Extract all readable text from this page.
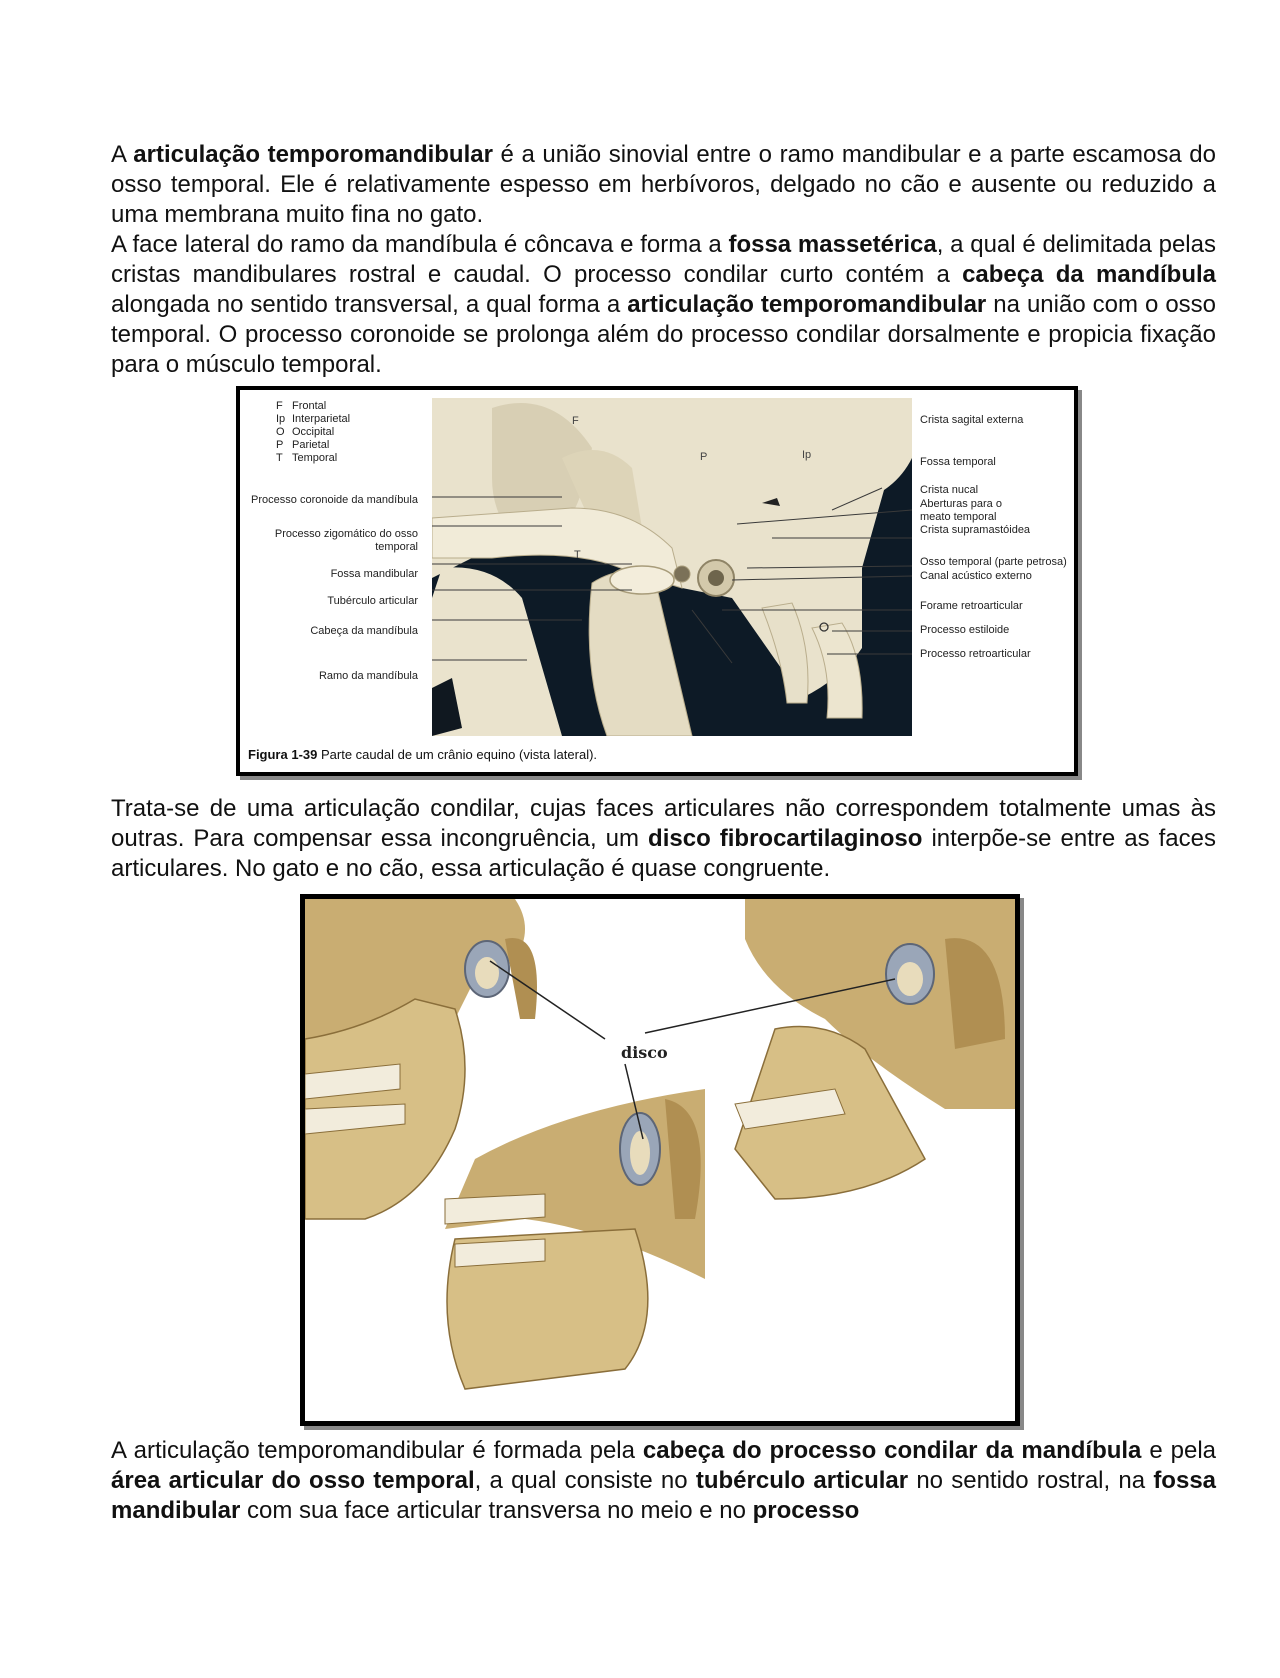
A articulação temporomandibular é a união sinovial entre o ramo mandibular e a parte escamosa do osso temporal. Ele é relativamente espesso em herbívoros, delgado no cão e ausente ou reduzido a uma membrana muito fina no gato.
A face lateral do ramo da mandíbula é côncava e forma a fossa massetérica, a qual é delimitada pelas cristas mandibulares rostral e caudal. O processo condilar curto contém a cabeça da mandíbula alongada no sentido transversal, a qual forma a articulação temporomandibular na união com o osso temporal. O processo coronoide se prolonga além do processo condilar dorsalmente e propicia fixação para o músculo temporal.

F Frontal
Ip Interparietal
O Occipital
P Parietal
T Temporal
Processo coronoide da mandíbula
Processo zigomático do osso temporal
Fossa mandibular
Tubérculo articular
Cabeça da mandíbula
Ramo da mandíbula
F
P	Ip
T
Crista sagital externa
Fossa temporal
Crista nucal
Aberturas para o meato temporal
Crista supramastóidea
Osso temporal (parte petrosa)
Canal acústico externo
Forame retroarticular
Processo estiloide
Processo retroarticular
Figura 1-39 Parte caudal de um crânio equino (vista lateral).

Trata-se de uma articulação condilar, cujas faces articulares não correspondem totalmente umas às outras. Para compensar essa incongruência, um disco fibrocartilaginoso interpõe-se entre as faces articulares. No gato e no cão, essa articulação é quase congruente.

disco

A articulação temporomandibular é formada pela cabeça do processo condilar da mandíbula e pela área articular do osso temporal, a qual consiste no tubérculo articular no sentido rostral, na fossa mandibular com sua face articular transversa no meio e no processo
